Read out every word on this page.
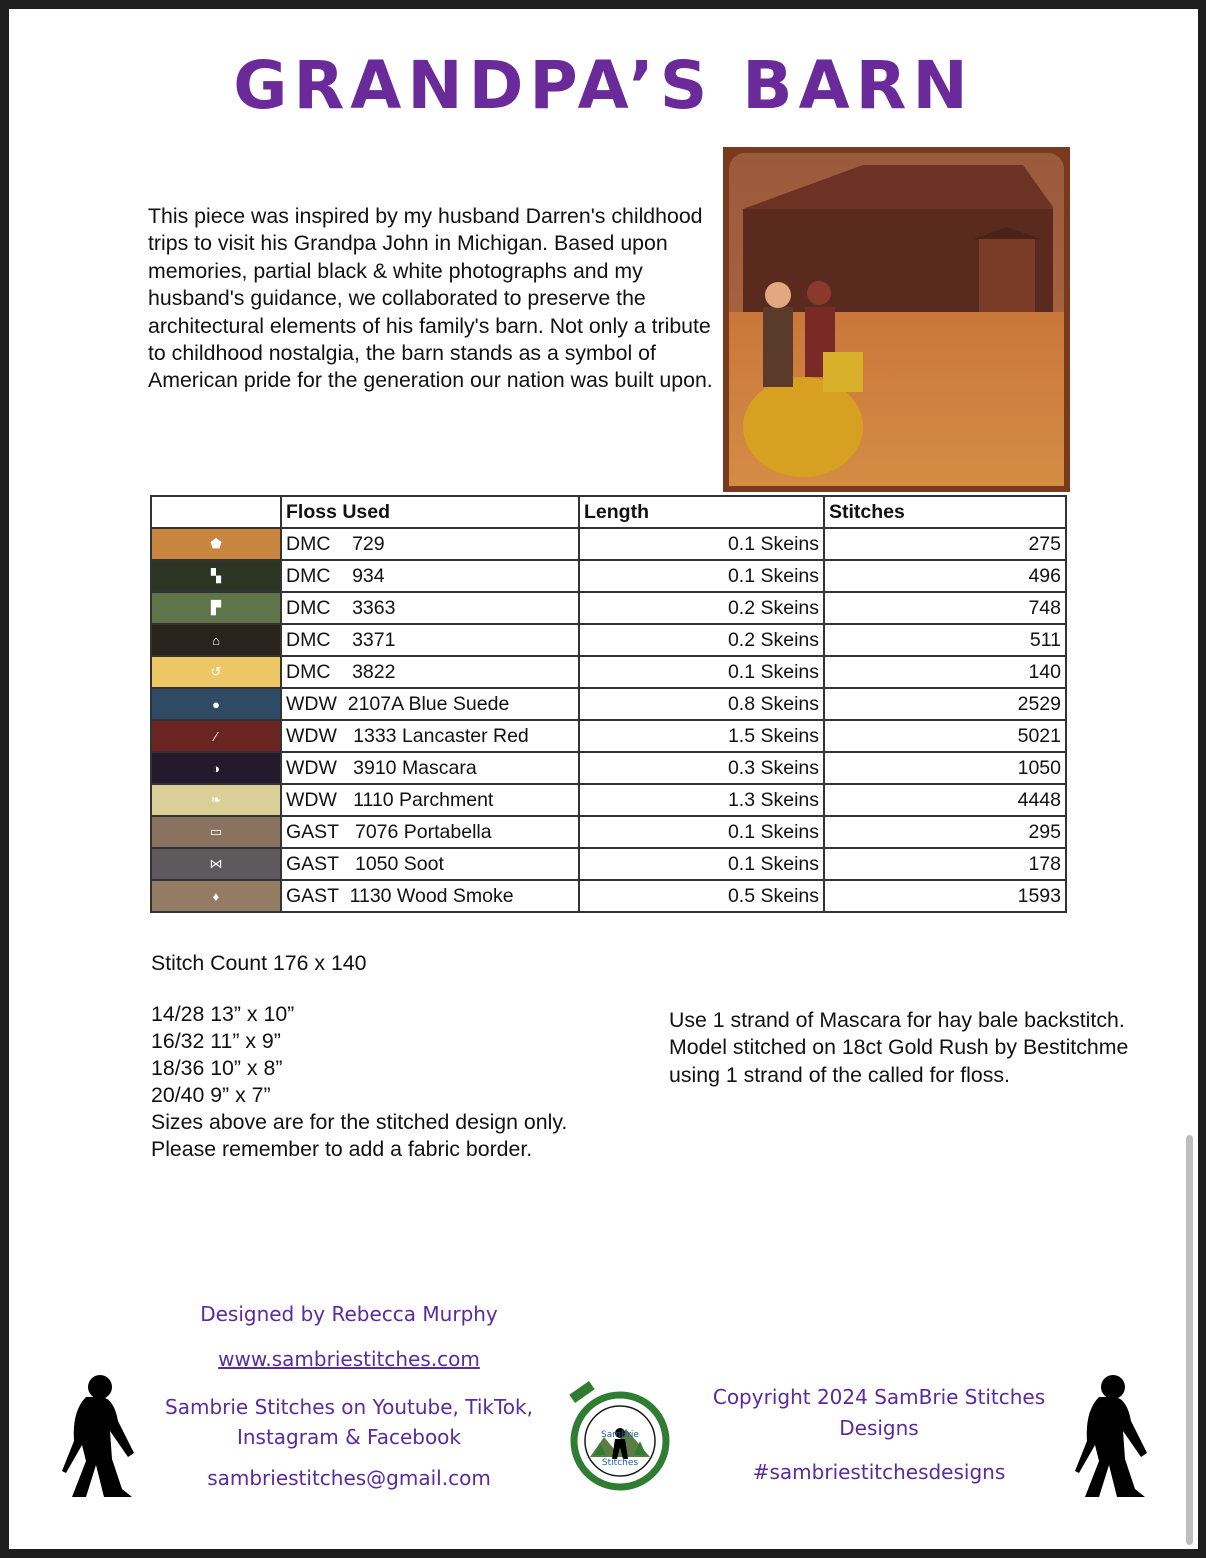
GRANDPA’S BARN

This piece was inspired by my husband Darren's childhood trips to visit his Grandpa John in Michigan. Based upon memories, partial black & white photographs and my husband's guidance, we collaborated to preserve the architectural elements of his family's barn. Not only a tribute to childhood nostalgia, the barn stands as a symbol of American pride for the generation our nation was built upon.

	Floss Used	Length	Stitches

⬟	DMC    729	0.1 Skeins	275

▚	DMC    934	0.1 Skeins	496

▛	DMC    3363	0.2 Skeins	748

⌂	DMC    3371	0.2 Skeins	511

↺	DMC    3822	0.1 Skeins	140

●	WDW  2107A Blue Suede	0.8 Skeins	2529

∕	WDW   1333 Lancaster Red	1.5 Skeins	5021

◑	WDW   3910 Mascara	0.3 Skeins	1050

❧	WDW   1110 Parchment	1.3 Skeins	4448

▭	GAST   7076 Portabella	0.1 Skeins	295

⋈	GAST   1050 Soot	0.1 Skeins	178

♦	GAST  1130 Wood Smoke	0.5 Skeins	1593
Stitch Count 176 x 140
14/28 13” x 10”
16/32 11” x 9”
18/36 10” x 8”
20/40 9” x 7”
Sizes above are for the stitched design only.
Please remember to add a fabric border.
Use 1 strand of Mascara for hay bale backstitch.
Model stitched on 18ct Gold Rush by Bestitchme using 1 strand of the called for floss.
Designed by Rebecca Murphy
www.sambriestitches.com
Sambrie Stitches on Youtube, TikTok, Instagram & Facebook
sambriestitches@gmail.com
Copyright 2024 SamBrie Stitches Designs
#sambriestitchesdesigns
SamBrie Stitches
